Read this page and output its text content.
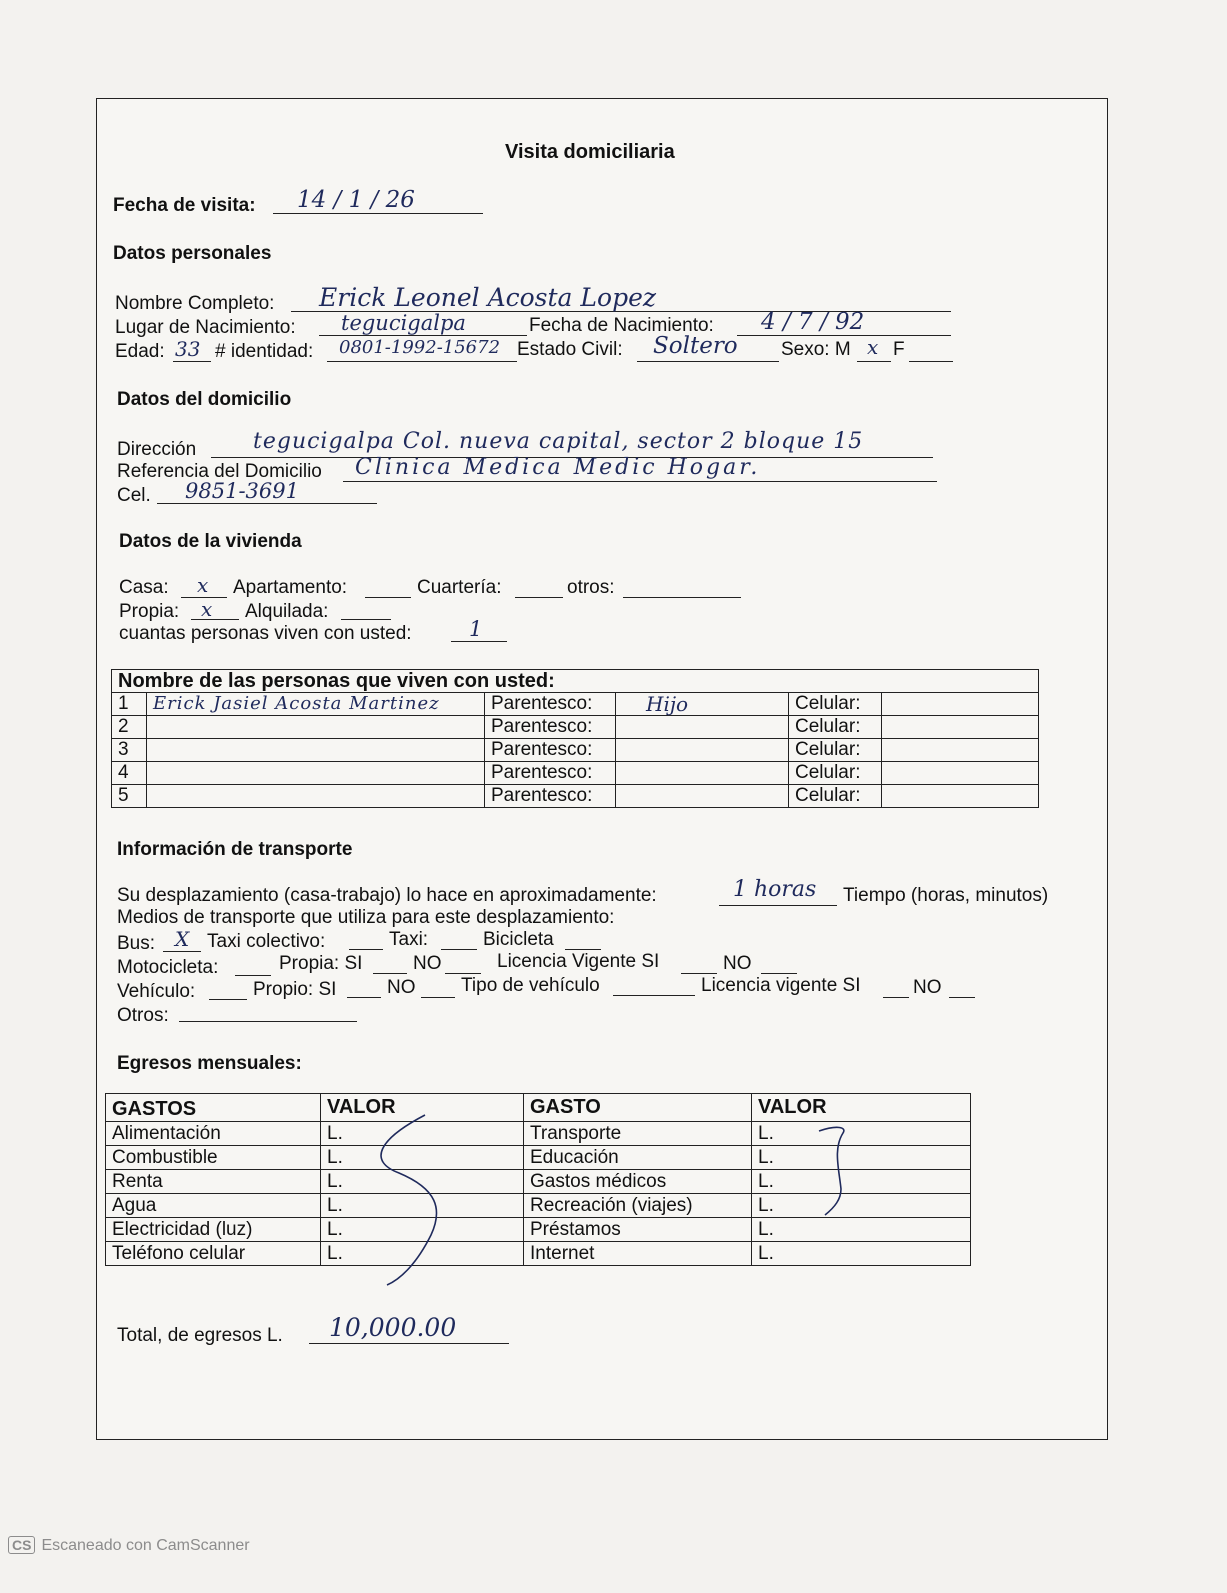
Visita domiciliaria
Fecha de visita: 14 / 1 / 26
Datos personales
Nombre Completo: Erick Leonel Acosta Lopez
Lugar de Nacimiento: tegucigalpa	Fecha de Nacimiento: 4 / 7 / 92
Edad: 33 # identidad: 0801-1992-15672 Estado Civil: Soltero Sexo: M x F
Datos del domicilio
Dirección	tegucigalpa Col. nueva capital, sector 2 bloque 15
Referencia del Domicilio Clinica Medica Medic Hogar.
Cel. 9851-3691
Datos de la vivienda
Casa: x Apartamento:	Cuartería:	otros:
Propia: x Alquilada:
cuantas personas viven con usted:	1
Nombre de las personas que viven con usted:					
1	Erick Jasiel Acosta Martinez	Parentesco:	Hijo	Celular:	
2		Parentesco:		Celular:	
3		Parentesco:		Celular:	
4		Parentesco:		Celular:	
5		Parentesco:		Celular:	
Información de transporte
Su desplazamiento (casa-trabajo) lo hace en aproximadamente:	1 horas Tiempo (horas, minutos)
Medios de transporte que utiliza para este desplazamiento:
Bus: X Taxi colectivo:	Taxi:	Bicicleta
Motocicleta:	Propia: SI	NO	Licencia Vigente SI	NO
Vehículo:	Propio: SI	NO Tipo de vehículo	Licencia vigente SI	NO
Otros:
Egresos mensuales:
GASTOS	VALOR	GASTO	VALOR
Alimentación	L.	Transporte	L.
Combustible	L.	Educación	L.
Renta	L.	Gastos médicos	L.
Agua	L.	Recreación (viajes)	L.
Electricidad (luz)	L.	Préstamos	L.
Teléfono celular	L.	Internet	L.
Total, de egresos L. 10,000.00
CS Escaneado con CamScanner
